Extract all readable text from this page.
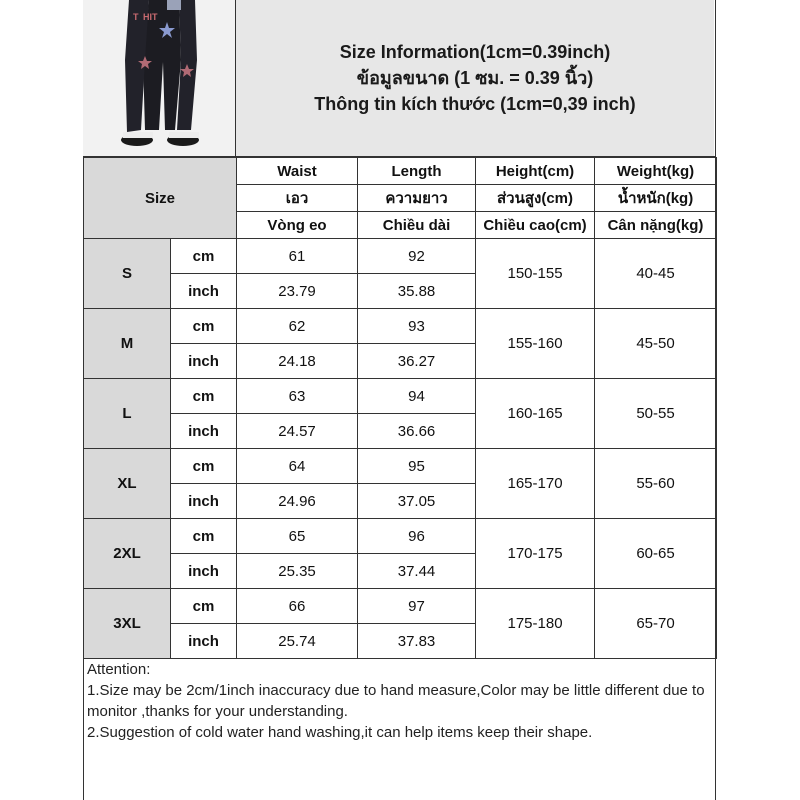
T HIT
Size Information(1cm=0.39inch)
ข้อมูลขนาด (1 ซม. = 0.39 นิ้ว)
Thông tin kích thước (1cm=0,39 inch)
Size		Waist	Length	Height(cm)	Weight(kg)
		เอว	ความยาว	ส่วนสูง(cm)	น้ำหนัก(kg)
		Vòng eo	Chiều dài	Chiều cao(cm)	Cân nặng(kg)
S	cm	61	92	150-155	40-45
	inch	23.79	35.88		
M	cm	62	93	155-160	45-50
	inch	24.18	36.27		
L	cm	63	94	160-165	50-55
	inch	24.57	36.66		
XL	cm	64	95	165-170	55-60
	inch	24.96	37.05		
2XL	cm	65	96	170-175	60-65
	inch	25.35	37.44		
3XL	cm	66	97	175-180	65-70
	inch	25.74	37.83		
Attention:
1.Size may be 2cm/1inch inaccuracy due to hand measure,Color may be little different due to monitor ,thanks for your understanding.
2.Suggestion of cold water hand washing,it can help items keep their shape.
